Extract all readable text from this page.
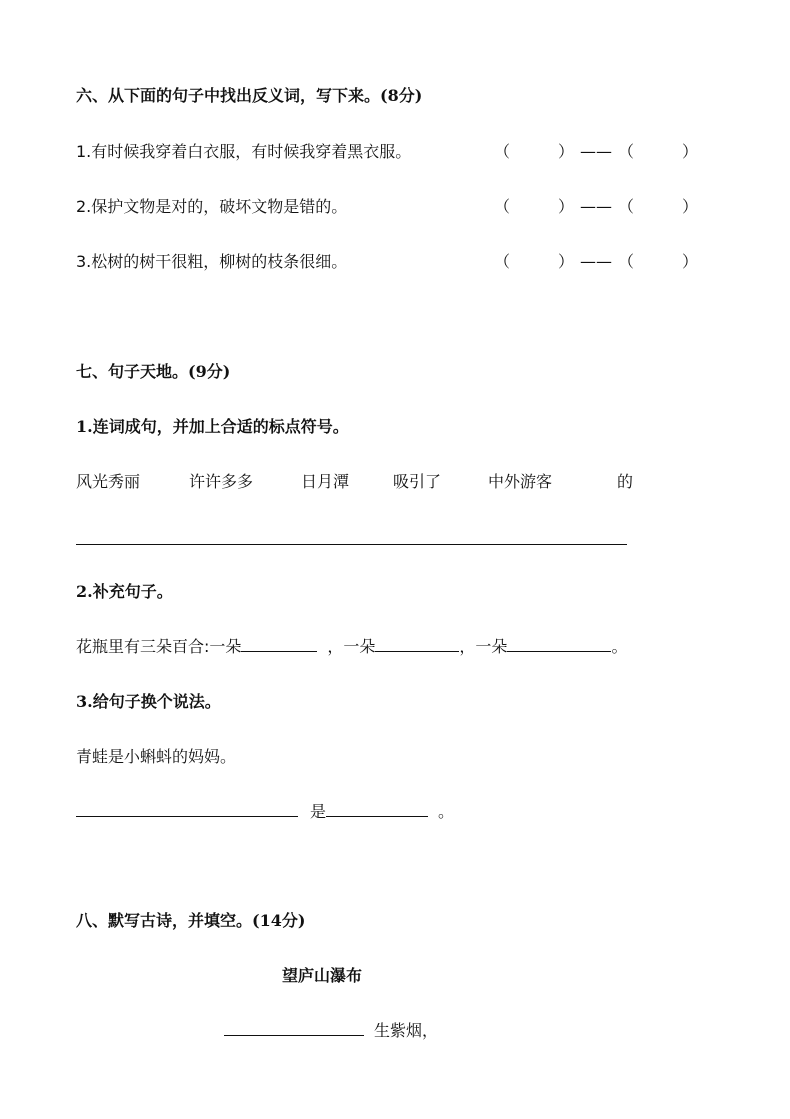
六、从下面的句子中找出反义词，写下来。(8分)
1.有时候我穿着白衣服，有时候我穿着黑衣服。	（	） —— （	）
2.保护文物是对的，破坏文物是错的。	（	） —— （	）
3.松树的树干很粗，柳树的枝条很细。	（	） —— （	）
七、句子天地。(9分)
1.连词成句，并加上合适的标点符号。
风光秀丽	许许多多	日月潭	吸引了	中外游客	的
2.补充句子。
花瓶里有三朵百合:一朵	，一朵	，一朵	。
3.给句子换个说法。
青蛙是小蝌蚪的妈妈。
是	。
八、默写古诗，并填空。(14分)
望庐山瀑布
生紫烟，
